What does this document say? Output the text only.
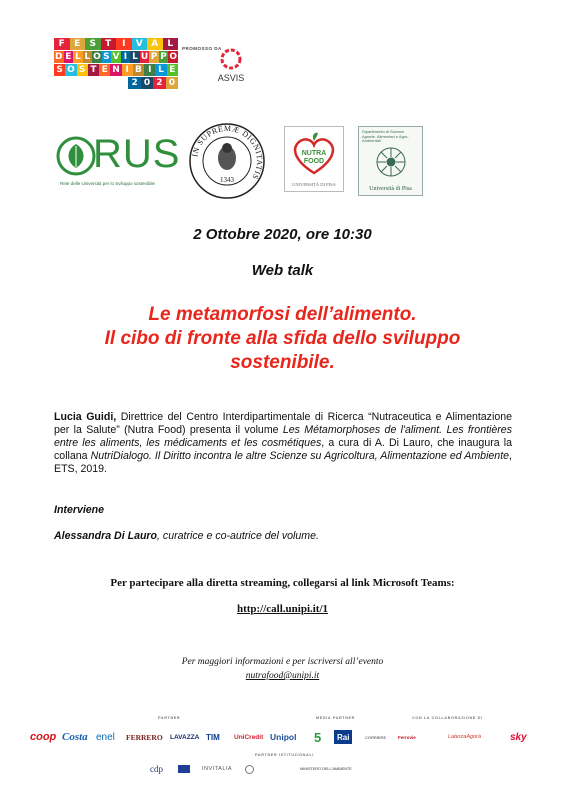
F	E	S	T	I	V A	L
D E L L O S V I L U P P O
S O S T E N I B I L E
2 0 2 0
PROMOSSO DA
ASVIS
RUS
Rete delle Università per lo Sviluppo sostenibile
IN SUPREMÆ DIGNITATIS
1343
NUTRA
FOOD
UNIVERSITÀ DI PISA
Dipartimento di Scienze Agrarie, Alimentari e Agro-Ambientali
Università di Pisa
2 Ottobre 2020, ore 10:30
Web talk
Le metamorfosi dell’alimento.
Il cibo di fronte alla sfida dello sviluppo
sostenibile.

Lucia Guidi, Direttrice del Centro Interdipartimentale di Ricerca “Nutraceutica e Alimentazione per la Salute” (Nutra Food) presenta il volume Les Métamorphoses de l'aliment. Les frontières entre les aliments, les médicaments et les cosmétiques, a cura di A. Di Lauro, che inaugura la collana NutriDialogo. Il Diritto incontra le altre Scienze su Agricoltura, Alimentazione ed Ambiente, ETS, 2019.

Interviene
Alessandra Di Lauro, curatrice e co-autrice del volume.
Per partecipare alla diretta streaming, collegarsi al link Microsoft Teams:
http://call.unipi.it/1
Per maggiori informazioni e per iscriversi all’evento
nutrafood@unipi.it
PARTNER	MEDIA PARTNER	CON LA COLLABORAZIONE DI
coop Costa enel FERRERO LAVAZZA TIM UniCredit Unipol 5	Rai	CORRIERE	Ferrovie	LaterzaAgorà	sky
PARTNER ISTITUZIONALI
cdp	INVITALIA	MINISTERO DELL'AMBIENTE
